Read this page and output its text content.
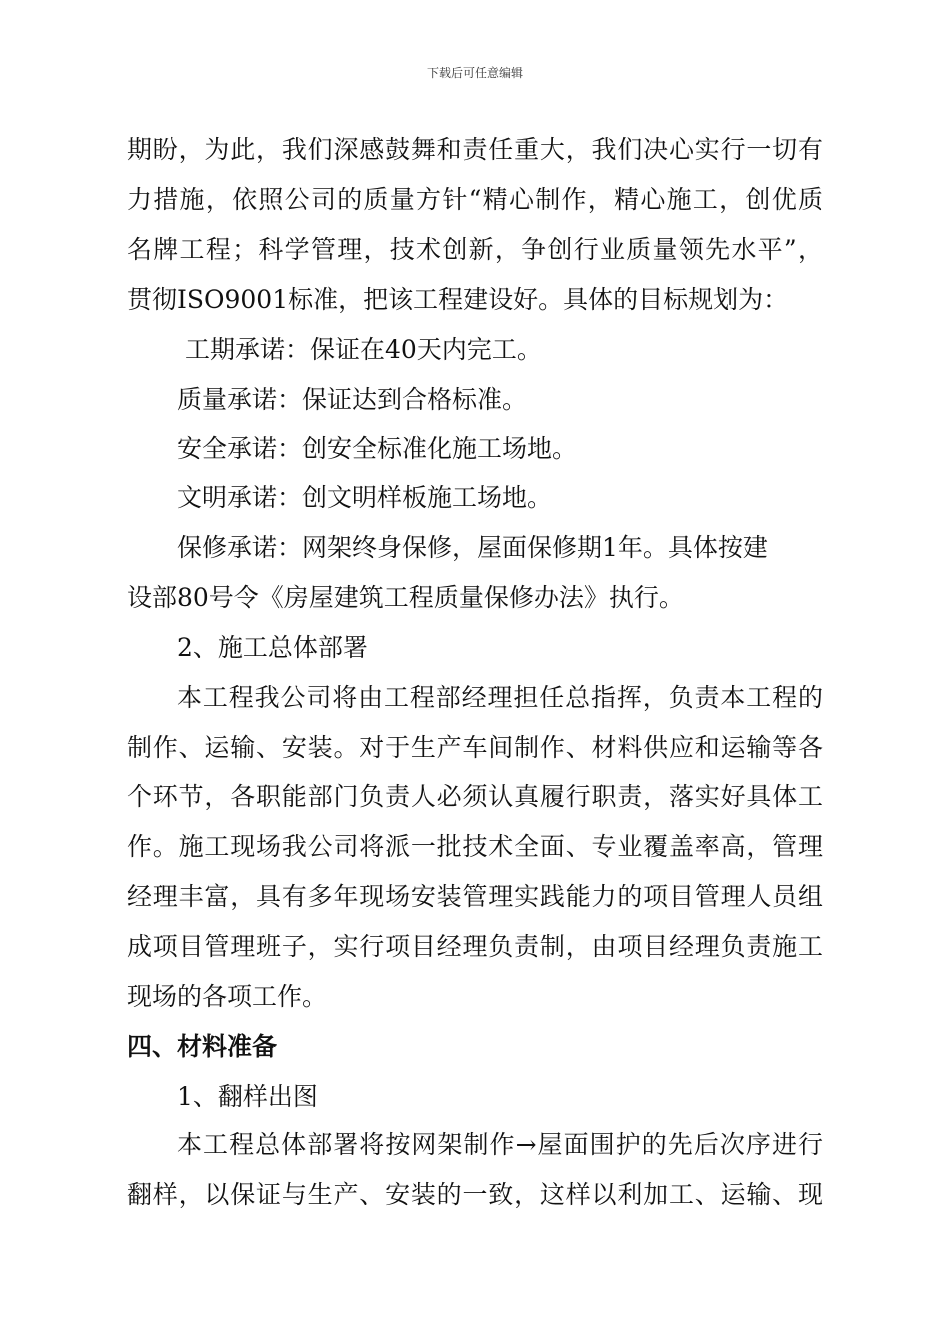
下载后可任意编辑
期盼，为此，我们深感鼓舞和责任重大，我们决心实行一切有
力措施，依照公司的质量方针“精心制作，精心施工，创优质
名牌工程；科学管理，技术创新，争创行业质量领先水平”，
贯彻ISO9001标准，把该工程建设好。具体的目标规划为：
工期承诺：保证在40天内完工。
质量承诺：保证达到合格标准。
安全承诺：创安全标准化施工场地。
文明承诺：创文明样板施工场地。
保修承诺：网架终身保修，屋面保修期1年。具体按建
设部80号令《房屋建筑工程质量保修办法》执行。
2、施工总体部署
本工程我公司将由工程部经理担任总指挥，负责本工程的
制作、运输、安装。对于生产车间制作、材料供应和运输等各
个环节，各职能部门负责人必须认真履行职责，落实好具体工
作。施工现场我公司将派一批技术全面、专业覆盖率高，管理
经理丰富，具有多年现场安装管理实践能力的项目管理人员组
成项目管理班子，实行项目经理负责制，由项目经理负责施工
现场的各项工作。
四、材料准备
1、翻样出图
本工程总体部署将按网架制作→屋面围护的先后次序进行
翻样，以保证与生产、安装的一致，这样以利加工、运输、现
